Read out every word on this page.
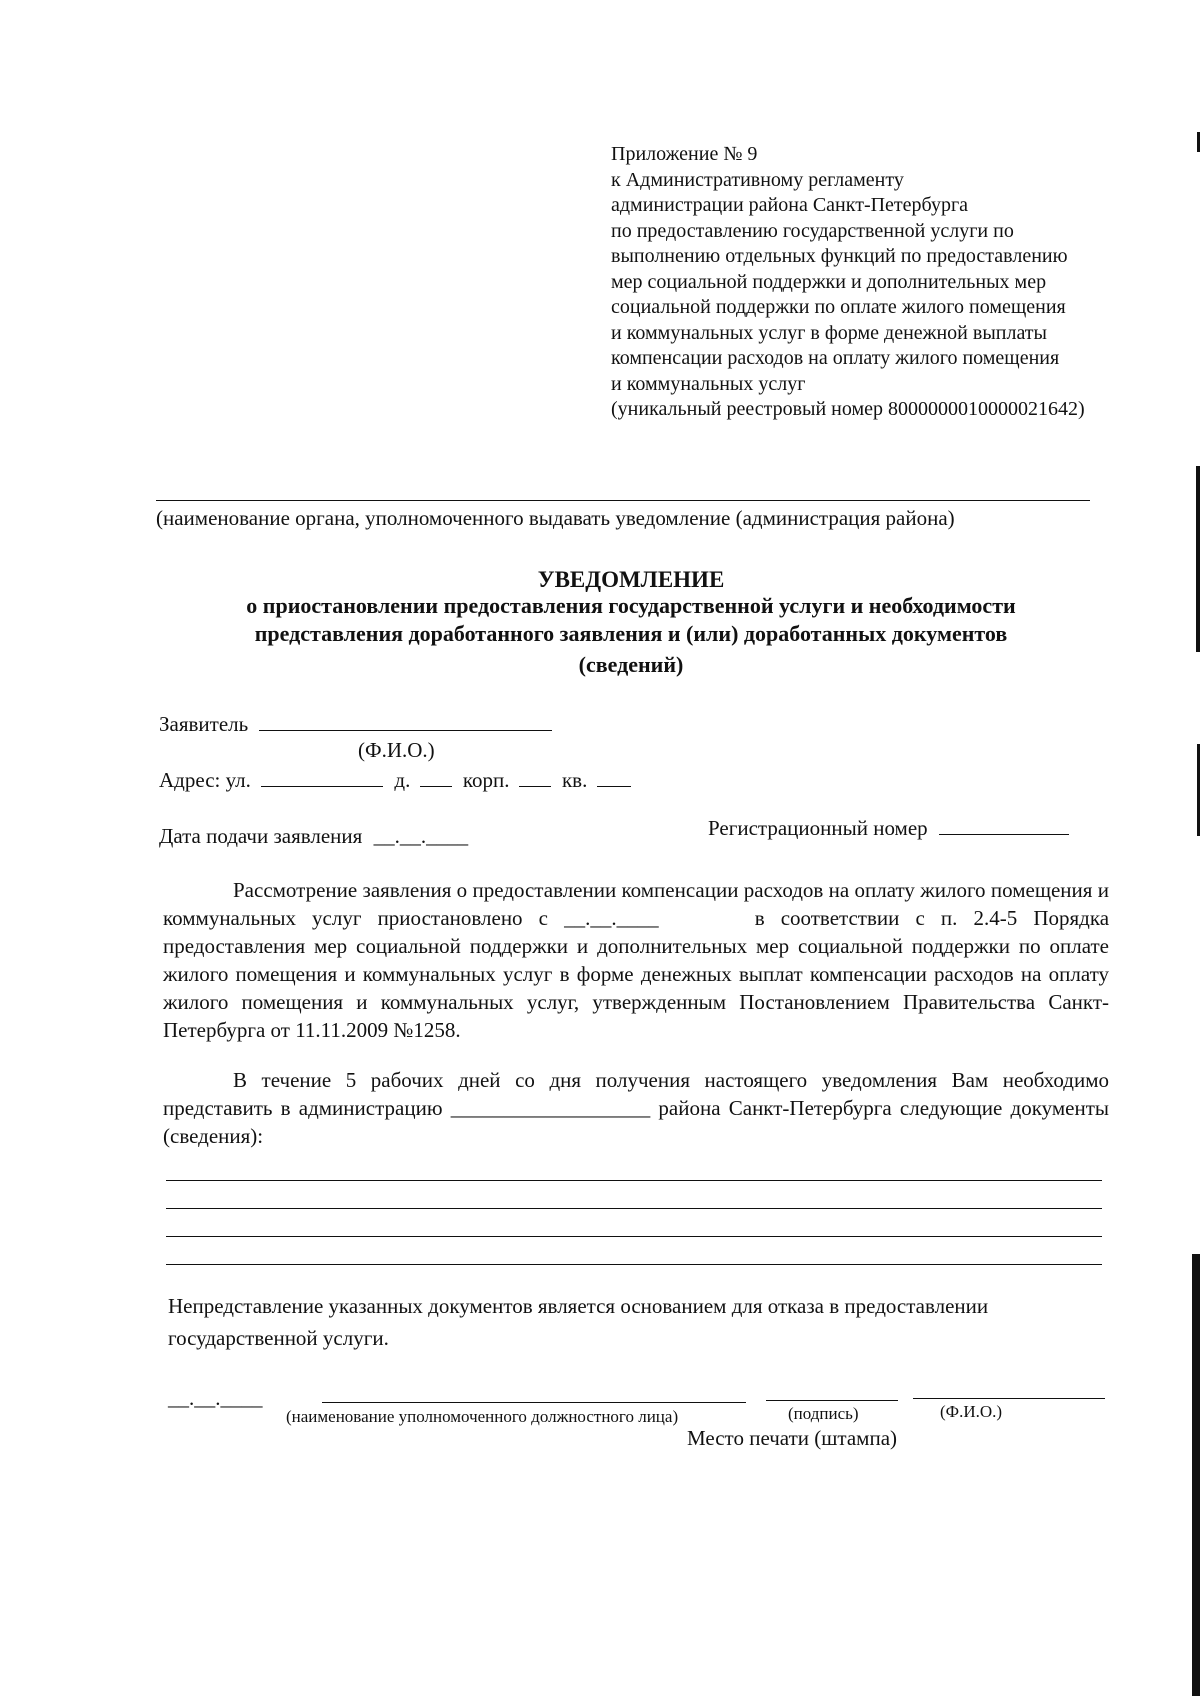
Приложение № 9
к Административному регламенту
администрации района Санкт-Петербурга
по предоставлению государственной услуги по
выполнению отдельных функций по предоставлению
мер социальной поддержки и дополнительных мер
социальной поддержки по оплате жилого помещения
и коммунальных услуг в форме денежной выплаты
компенсации расходов на оплату жилого помещения
и коммунальных услуг
(уникальный реестровый номер 8000000010000021642)
(наименование органа, уполномоченного выдавать уведомление (администрация района)
УВЕДОМЛЕНИЕ
о приостановлении предоставления государственной услуги и необходимости
представления доработанного заявления и (или) доработанных документов
(сведений)
Заявитель
(Ф.И.О.)
Адрес: ул.	д.	корп.	кв.
Дата подачи заявления __.__.____	Регистрационный номер

Рассмотрение заявления о предоставлении компенсации расходов на оплату жилого помещения и коммунальных услуг приостановлено с __.__.____	в соответствии с п. 2.4-5 Порядка предоставления мер социальной поддержки и дополнительных мер социальной поддержки по оплате жилого помещения и коммунальных услуг в форме денежных выплат компенсации расходов на оплату жилого помещения и коммунальных услуг, утвержденным Постановлением Правительства Санкт-Петербурга от 11.11.2009 №1258.

В течение 5 рабочих дней со дня получения настоящего уведомления Вам необходимо представить в администрацию ___________________ района Санкт-Петербурга следующие документы (сведения):

Непредставление указанных документов является основанием для отказа в предоставлении
государственной услуги.
__.__.____
(наименование уполномоченного должностного лица)	(подпись)	(Ф.И.О.)
Место печати (штампа)
